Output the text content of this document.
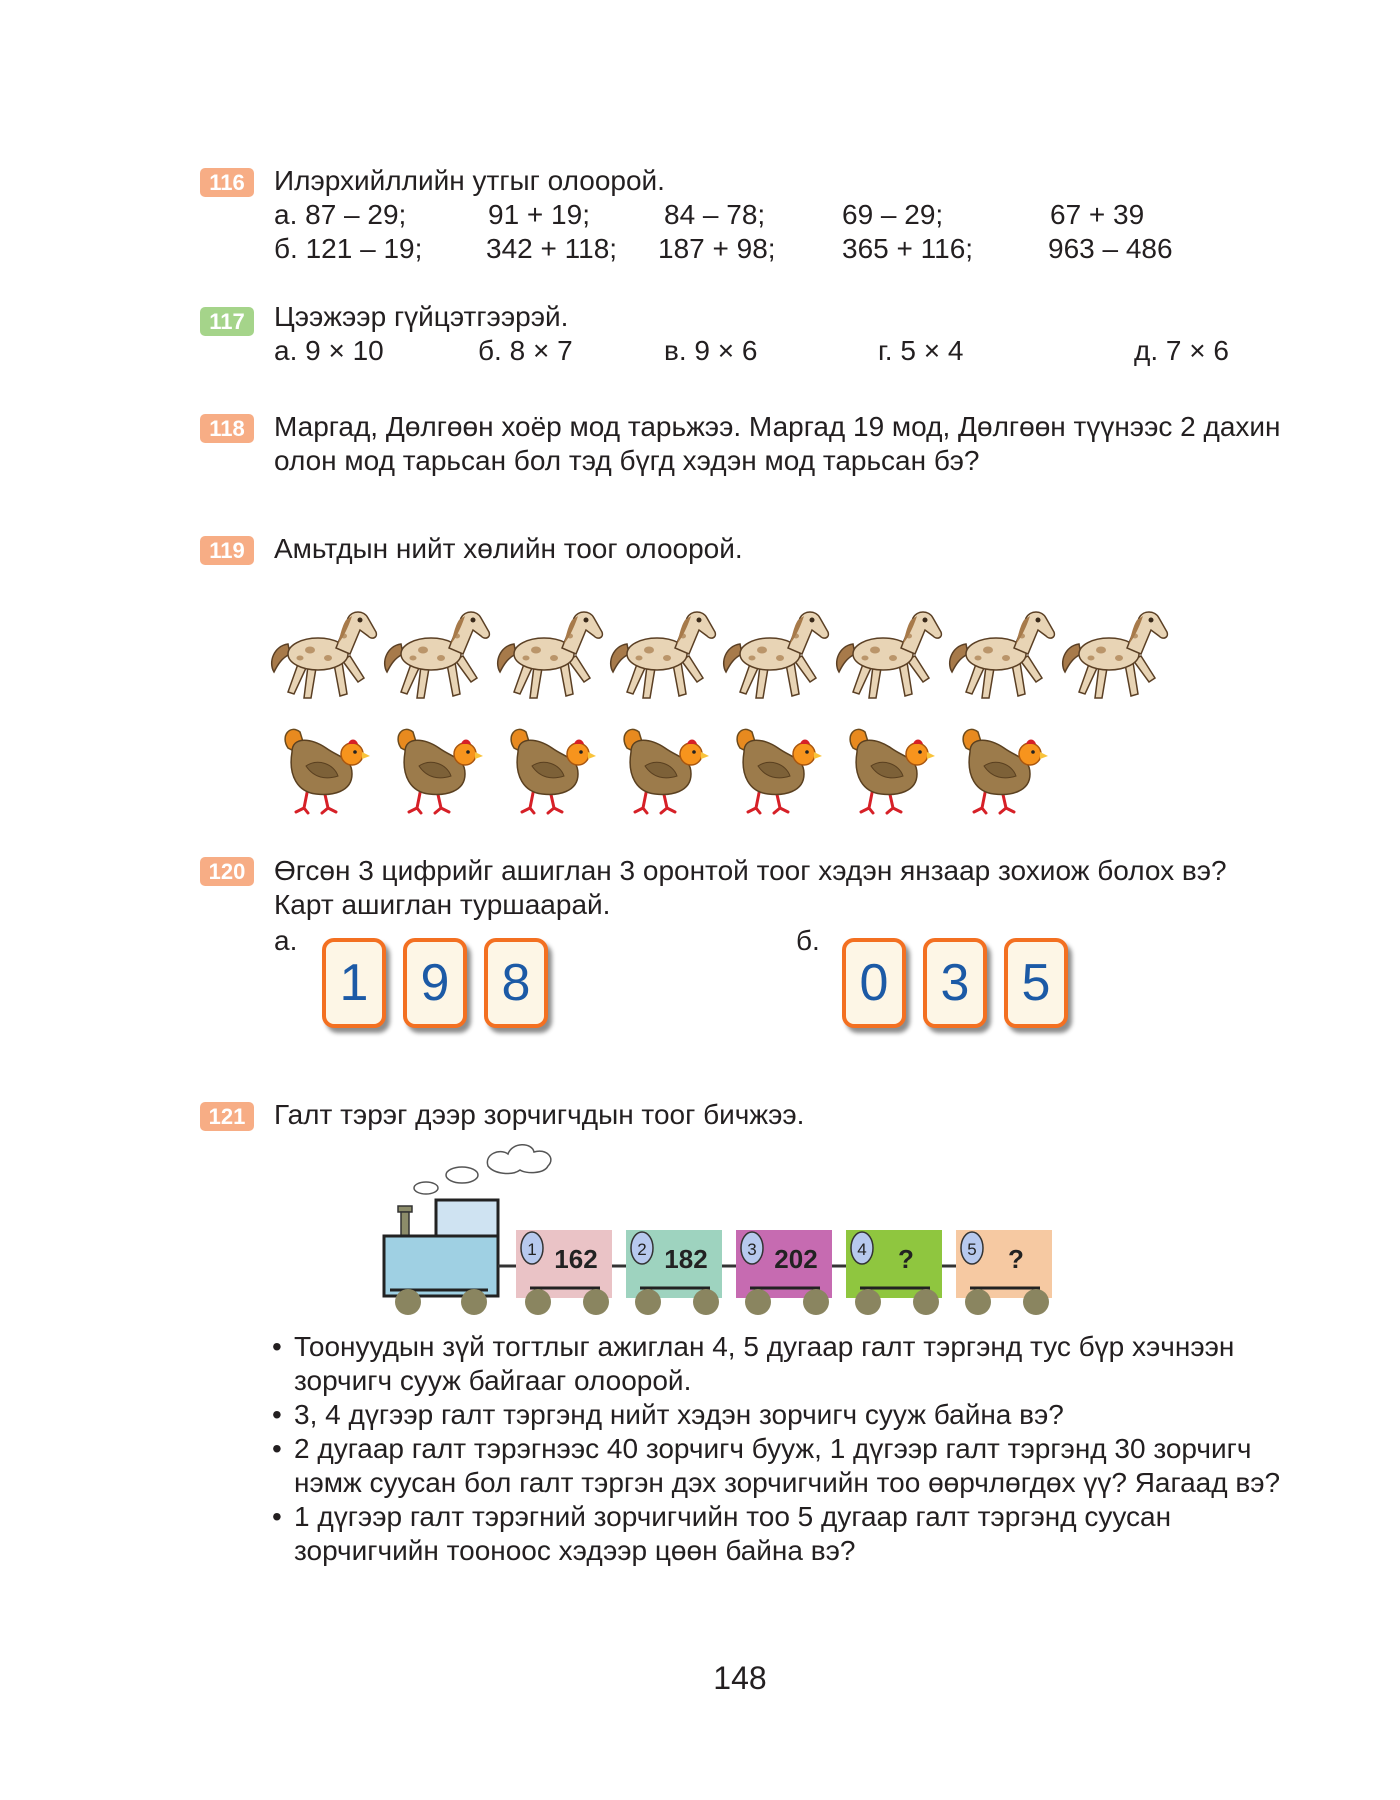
116	Илэрхийллийн утгыг олоорой.
а. 87 – 29;	91 + 19;	84 – 78;	69 – 29;	67 + 39
б. 121 – 19; 342 + 118; 187 + 98; 365 + 116;	963 – 486
117	Цээжээр гүйцэтгээрэй.
а. 9 × 10	б. 8 × 7	в. 9 × 6	г. 5 × 4	д. 7 × 6
118	Маргад, Дөлгөөн хоёр мод тарьжээ. Маргад 19 мод, Дөлгөөн түүнээс 2 дахин
олон мод тарьсан бол тэд бүгд хэдэн мод тарьсан бэ?
119	Амьтдын нийт хөлийн тоог олоорой.
120	Өгсөн 3 цифрийг ашиглан 3 оронтой тоог хэдэн янзаар зохиож болох вэ?
Карт ашиглан туршаарай.
а.	б.
1	9	8	0	3	5
121	Галт тэрэг дээр зорчигчдын тоог бичжээ.
1 162 2 182 3 202 4 ?	5 ?
• Тоонуудын зүй тогтлыг ажиглан 4, 5 дугаар галт тэргэнд тус бүр хэчнээн
зорчигч сууж байгааг олоорой.
• 3, 4 дүгээр галт тэргэнд нийт хэдэн зорчигч сууж байна вэ?
• 2 дугаар галт тэрэгнээс 40 зорчигч бууж, 1 дүгээр галт тэргэнд 30 зорчигч
нэмж суусан бол галт тэргэн дэх зорчигчийн тоо өөрчлөгдөх үү? Яагаад вэ?
• 1 дүгээр галт тэрэгний зорчигчийн тоо 5 дугаар галт тэргэнд суусан
зорчигчийн тооноос хэдээр цөөн байна вэ?
148
